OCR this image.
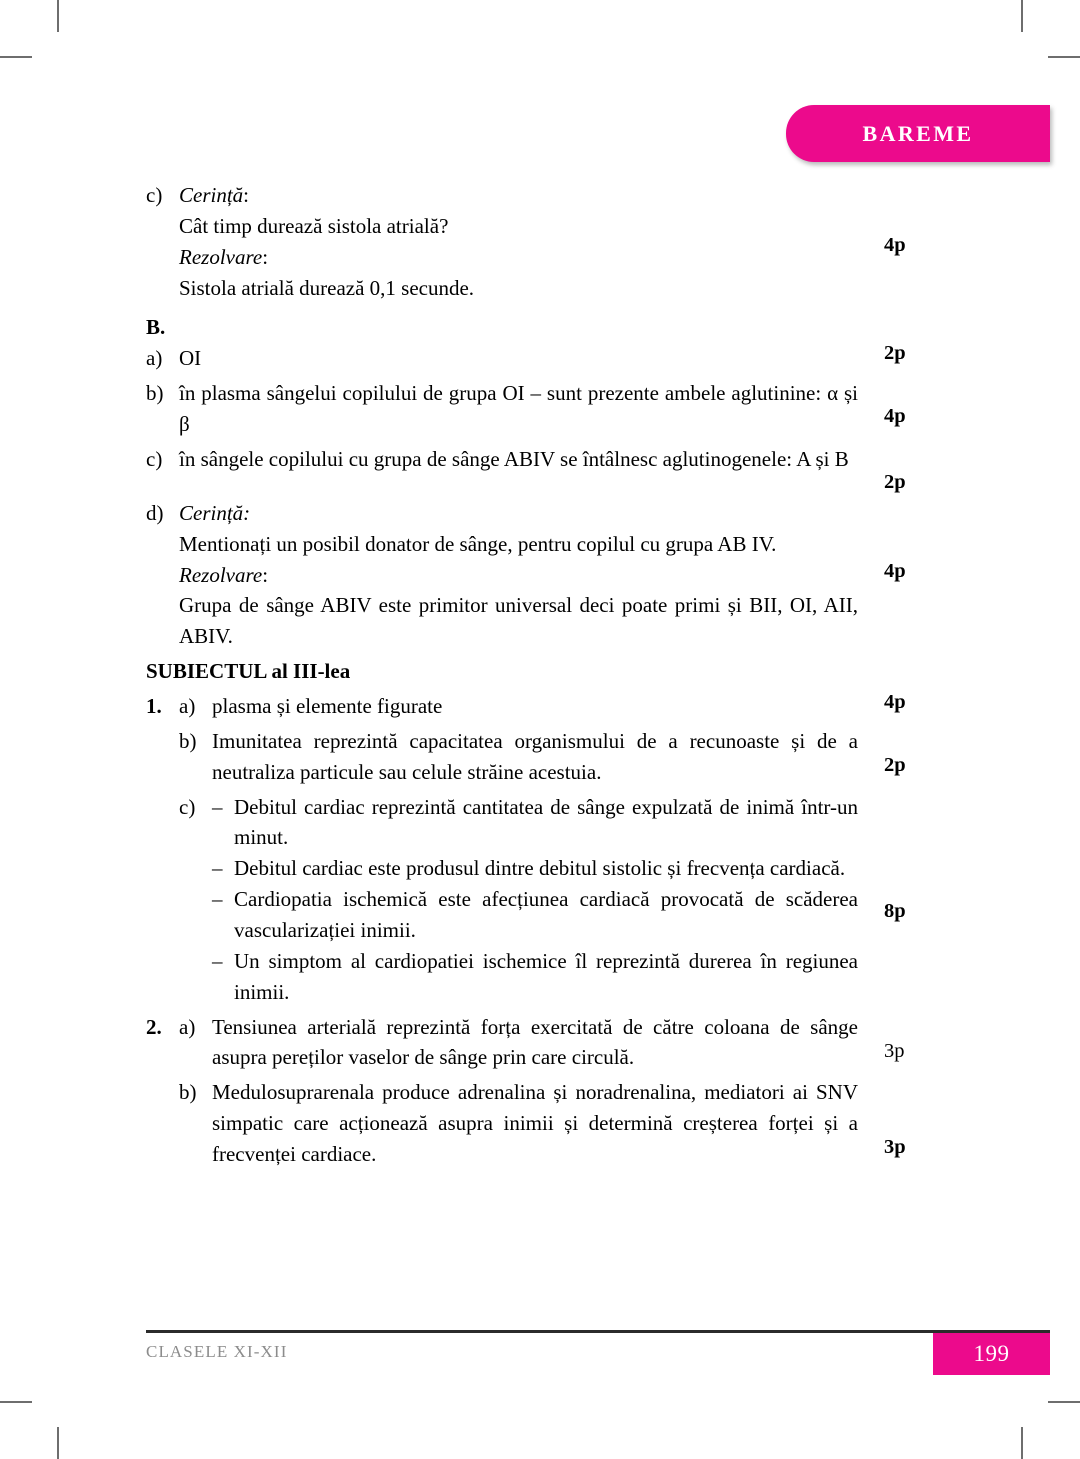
BAREME
c) Cerință:
Cât timp durează sistola atrială?
Rezolvare:
Sistola atrială durează 0,1 secunde.
4p
B.
a) OI	2p
b) în plasma sângelui copilului de grupa OI – sunt prezente ambele aglutinine: α și β	4p
c) în sângele copilului cu grupa de sânge ABIV se întâlnesc aglutinogenele: A și B
2p
d) Cerință:
Mentionați un posibil donator de sânge, pentru copilul cu grupa AB IV.
Rezolvare:
Grupa de sânge ABIV este primitor universal deci poate primi și BII, OI, AII, ABIV.
4p
SUBIECTUL al III-lea
1. a) plasma și elemente figurate	4p
b) Imunitatea reprezintă capacitatea organismului de a recunoaste și de a neutraliza particule sau celule străine acestuia.	2p
c) – Debitul cardiac reprezintă cantitatea de sânge expulzată de inimă într-un minut.
– Debitul cardiac este produsul dintre debitul sistolic și frecvența cardiacă.
– Cardiopatia ischemică este afecțiunea cardiacă provocată de scăderea vascularizației inimii.
– Un simptom al cardiopatiei ischemice îl reprezintă durerea în regiunea inimii.
8p
2. a) Tensiunea arterială reprezintă forța exercitată de către coloana de sânge asupra pereților vaselor de sânge prin care circulă.	3p
b) Medulosuprarenala produce adrenalina și noradrenalina, mediatori ai SNV simpatic care acționează asupra inimii și determină creșterea forței și a frecvenței cardiace.	3p
CLASELE XI-XII	199
